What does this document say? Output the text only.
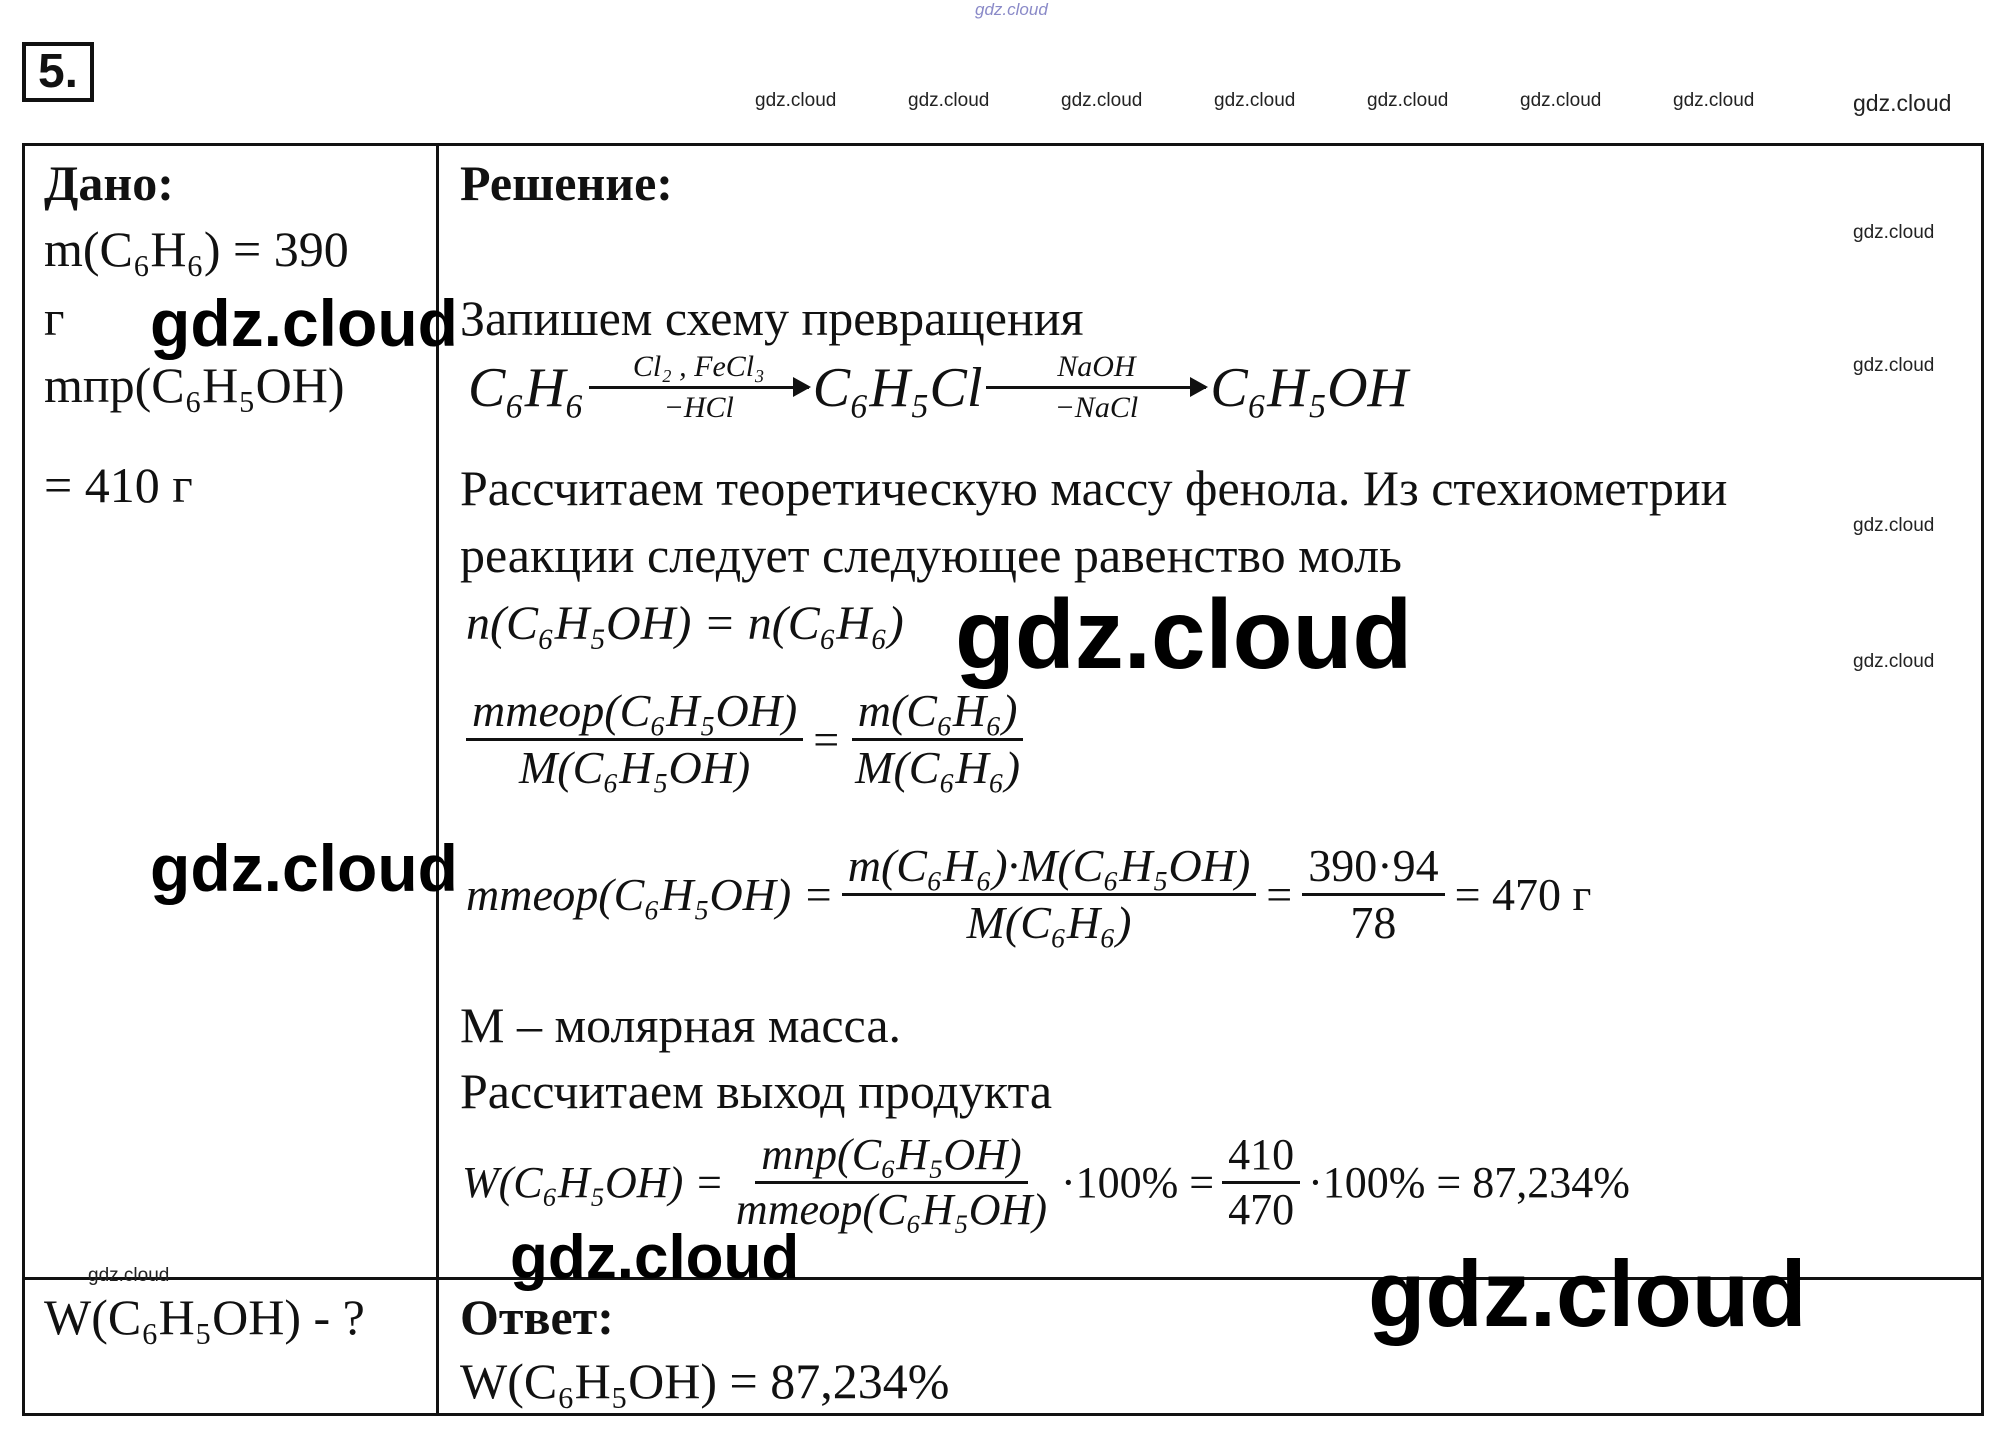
gdz.cloud
5.
gdz.cloud	gdz.cloud	gdz.cloud	gdz.cloud	gdz.cloud	gdz.cloud	gdz.cloud	gdz.cloud
Дано:
m(C₆H₆) = 390
г
mпр(C₆H₅OH)
= 410 г
W(C₆H₅OH) - ?
Решение:
Запишем схему превращения
C₆H₆ Cl₂ , FeCl₃
−HCl C₆H₅Cl NaOH
−NaCl C₆H₅OH
Рассчитаем теоретическую массу фенола. Из стехиометрии
реакции следует следующее равенство моль
n(C₆H₅OH) = n(C₆H₆)
$\frac{\text{mтеор(C₆H₅OH)}}{\text{M(C₆H₅OH)}} = \frac{\text{m(C₆H₆)}}{\text{M(C₆H₆)}}$
mтеор(C₆H₅OH) = $\frac{\text{m(C₆H₆)·M(C₆H₅OH)}}{\text{M(C₆H₆)}} = \frac{390\cdot 94}{78} = 470$ г
M – молярная масса.
Рассчитаем выход продукта
$W(C_6H_5OH) = \frac{\text{mпр(C₆H₅OH)}}{\text{mтеор(C₆H₅OH)}} \cdot 100\% = \frac{410}{470} \cdot 100\% = 87,234\%$
Ответ:
W(C₆H₅OH) = 87,234%
gdz.cloud
gdz.cloud
gdz.cloud
gdz.cloud
gdz.cloud
gdz.cloud
gdz.cloud
gdz.cloud
gdz.cloud	gdz.cloud
